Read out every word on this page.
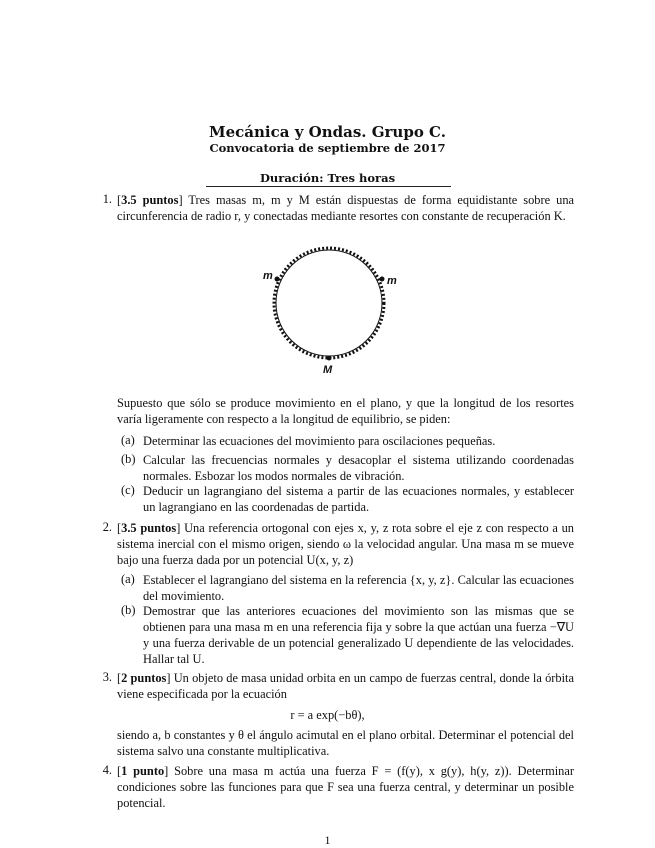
Mecánica y Ondas. Grupo C.
Convocatoria de septiembre de 2017
Duración: Tres horas
1. [3.5 puntos] Tres masas m, m y M están dispuestas de forma equidistante sobre una circunferencia de radio r, y conectadas mediante resortes con constante de recuperación K.

m	m
M

Supuesto que sólo se produce movimiento en el plano, y que la longitud de los resortes varía ligeramente con respecto a la longitud de equilibrio, se piden:

(a) Determinar las ecuaciones del movimiento para oscilaciones pequeñas.

(b) Calcular las frecuencias normales y desacoplar el sistema utilizando coordenadas normales. Esbozar los modos normales de vibración.

(c) Deducir un lagrangiano del sistema a partir de las ecuaciones normales, y establecer un lagrangiano en las coordenadas de partida.

2. [3.5 puntos] Una referencia ortogonal con ejes x, y, z rota sobre el eje z con respecto a un sistema inercial con el mismo origen, siendo ω la velocidad angular. Una masa m se mueve bajo una fuerza dada por un potencial U(x, y, z)

(a) Establecer el lagrangiano del sistema en la referencia {x, y, z}. Calcular las ecuaciones del movimiento.

(b) Demostrar que las anteriores ecuaciones del movimiento son las mismas que se obtienen para una masa m en una referencia fija y sobre la que actúan una fuerza −∇U y una fuerza derivable de un potencial generalizado U dependiente de las velocidades. Hallar tal U.

3. [2 puntos] Un objeto de masa unidad orbita en un campo de fuerzas central, donde la órbita viene especificada por la ecuación

r = a exp(−bθ),

siendo a, b constantes y θ el ángulo acimutal en el plano orbital. Determinar el potencial del sistema salvo una constante multiplicativa.

4. [1 punto] Sobre una masa m actúa una fuerza F = (f(y), x g(y), h(y, z)). Determinar condiciones sobre las funciones para que F sea una fuerza central, y determinar un posible potencial.

1
